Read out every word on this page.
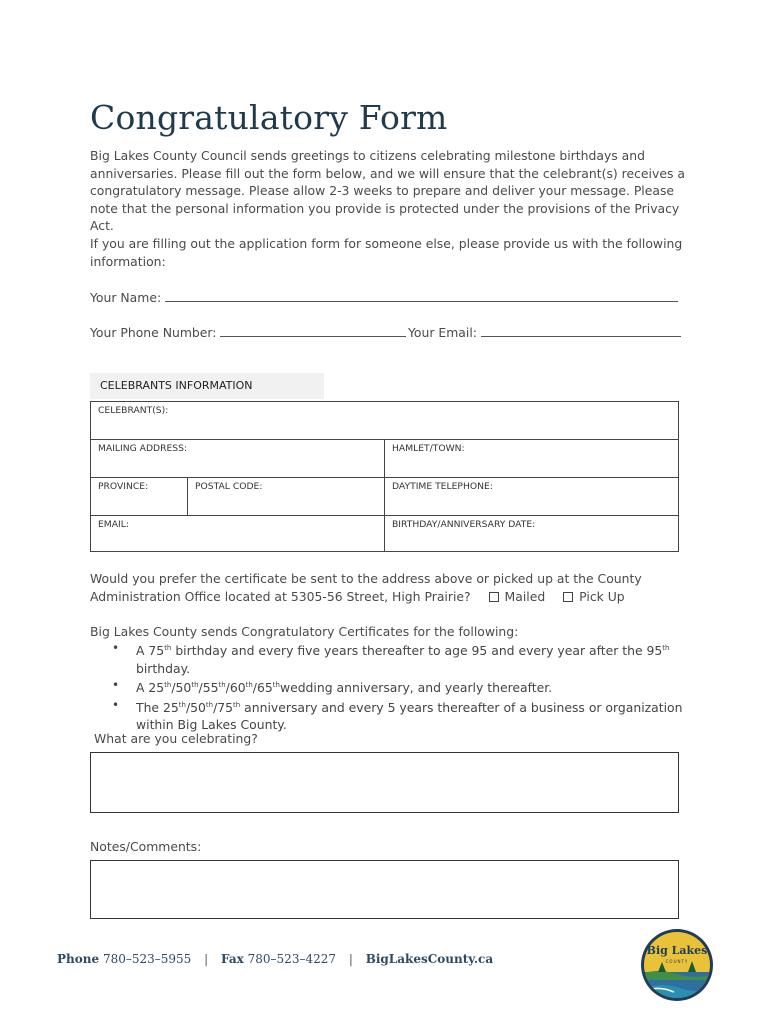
Congratulatory Form
Big Lakes County Council sends greetings to citizens celebrating milestone birthdays and anniversaries. Please fill out the form below, and we will ensure that the celebrant(s) receives a congratulatory message. Please allow 2-3 weeks to prepare and deliver your message. Please note that the personal information you provide is protected under the provisions of the Privacy Act.
If you are filling out the application form for someone else, please provide us with the following information:
Your Name:
Your Phone Number:	Your Email:
CELEBRANTS INFORMATION
CELEBRANT(S):
MAILING ADDRESS:	HAMLET/TOWN:
PROVINCE:	POSTAL CODE:	DAYTIME TELEPHONE:
EMAIL:	BIRTHDAY/ANNIVERSARY DATE:
Would you prefer the certificate be sent to the address above or picked up at the County
Administration Office located at 5305-56 Street, High Prairie?	Mailed	Pick Up
Big Lakes County sends Congratulatory Certificates for the following:
• A 75th birthday and every five years thereafter to age 95 and every year after the 95th birthday.
• A 25th/50th/55th/60th/65thwedding anniversary, and yearly thereafter.
• The 25th/50th/75th anniversary and every 5 years thereafter of a business or organization within Big Lakes County.
What are you celebrating?
Notes/Comments:
Phone 780–523–5955 | Fax 780–523–4227 | BigLakesCounty.ca
Big Lakes
COUNTY
